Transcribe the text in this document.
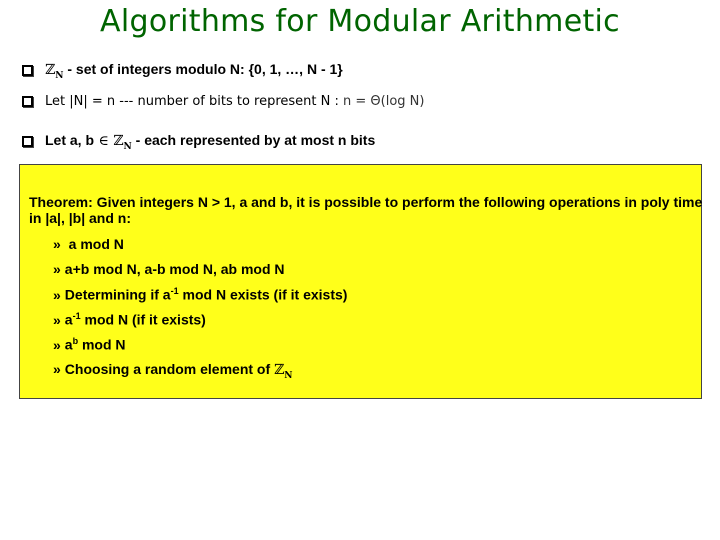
Algorithms for Modular Arithmetic
ℤ$_N$ - set of integers modulo N: {0, 1, …, N - 1}
Let |N| = n --- number of bits to represent N : n = Θ(log N)
Let a, b ∈ ℤ$_N$ - each represented by at most n bits
Theorem: Given integers N > 1, a and b, it is possible to perform the following operations in poly time in |a|, |b| and n:
» a mod N
» a+b mod N, a-b mod N, ab mod N
» Determining if $a^{-1}$ mod N exists (if it exists)
» $a^{-1}$ mod N (if it exists)
» $a^b$ mod N
» Choosing a random element of ℤ$_N$
